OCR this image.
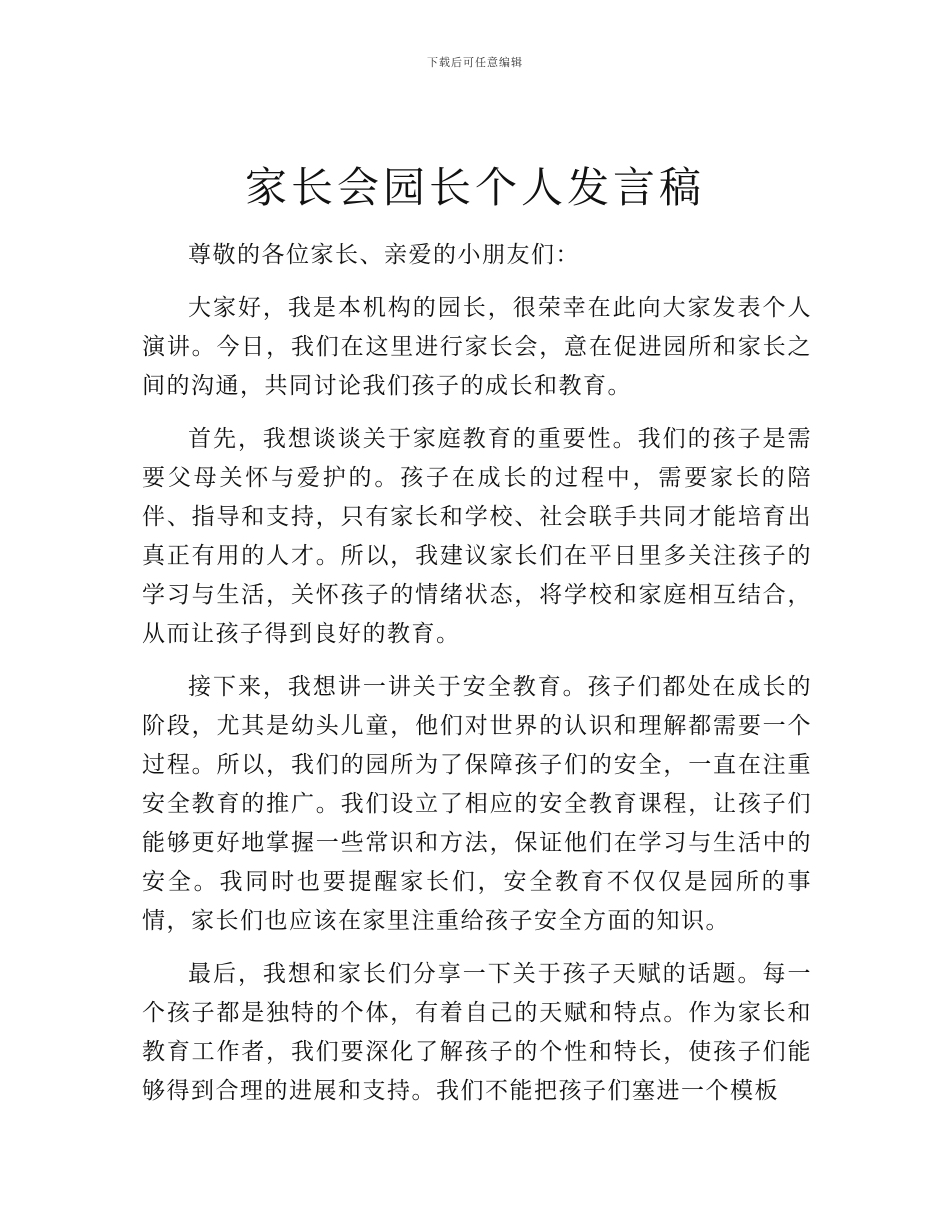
下载后可任意编辑
家长会园长个人发言稿

尊敬的各位家长、亲爱的小朋友们：

大家好，我是本机构的园长，很荣幸在此向大家发表个人演讲。今日，我们在这里进行家长会，意在促进园所和家长之间的沟通，共同讨论我们孩子的成长和教育。

首先，我想谈谈关于家庭教育的重要性。我们的孩子是需要父母关怀与爱护的。孩子在成长的过程中，需要家长的陪伴、指导和支持，只有家长和学校、社会联手共同才能培育出真正有用的人才。所以，我建议家长们在平日里多关注孩子的学习与生活，关怀孩子的情绪状态，将学校和家庭相互结合，从而让孩子得到良好的教育。

接下来，我想讲一讲关于安全教育。孩子们都处在成长的阶段，尤其是幼头儿童，他们对世界的认识和理解都需要一个过程。所以，我们的园所为了保障孩子们的安全，一直在注重安全教育的推广。我们设立了相应的安全教育课程，让孩子们能够更好地掌握一些常识和方法，保证他们在学习与生活中的安全。我同时也要提醒家长们，安全教育不仅仅是园所的事情，家长们也应该在家里注重给孩子安全方面的知识。

最后，我想和家长们分享一下关于孩子天赋的话题。每一个孩子都是独特的个体，有着自己的天赋和特点。作为家长和教育工作者，我们要深化了解孩子的个性和特长，使孩子们能够得到合理的进展和支持。我们不能把孩子们塞进一个模板
